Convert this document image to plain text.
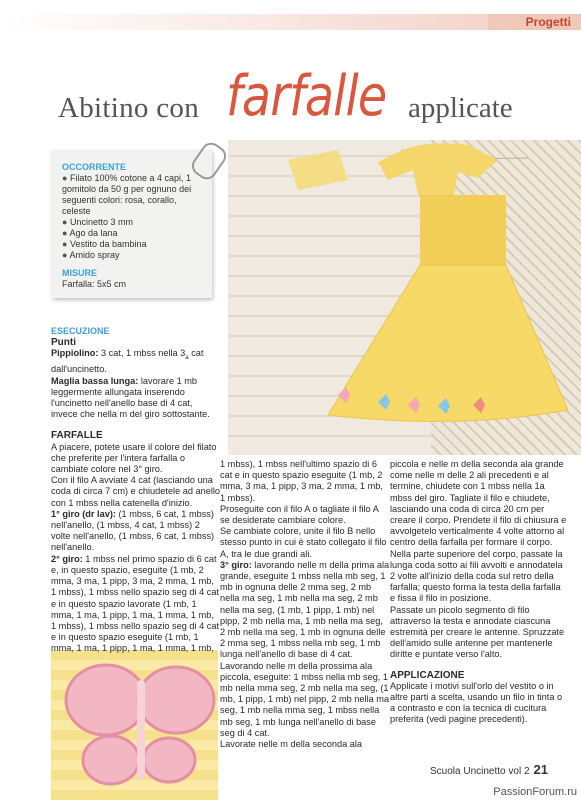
Progetti
Abitino con farfalle applicate
OCCORRENTE

● Filato 100% cotone a 4 capi, 1 gomitolo da 50 g per ognuno dei seguenti colori: rosa, corallo, celeste

● Uncinetto 3 mm

● Ago da lana

● Vestito da bambina

● Amido spray

MISURE

Farfalla: 5x5 cm

ESECUZIONE

Punti

Pippiolino: 3 cat, 1 mbss nella $3_a$ cat dall'uncinetto.

Maglia bassa lunga: lavorare 1 mb leggermente allungata inserendo l'uncinetto nell'anello base di 4 cat, invece che nella m del giro sottostante.

FARFALLE

A piacere, potete usare il colore del filato che preferite per l'intera farfalla o cambiate colore nel 3° giro.

Con il filo A avviate 4 cat (lasciando una coda di circa 7 cm) e chiudetele ad anello con 1 mbss nella catenella d'inizio.

1° giro (dr lav): (1 mbss, 6 cat, 1 mbss) nell'anello, (1 mbss, 4 cat, 1 mbss) 2 volte nell'anello, (1 mbss, 6 cat, 1 mbss) nell'anello.

2° giro: 1 mbss nel primo spazio di 6 cat e, in questo spazio, eseguite (1 mb, 2 mma, 3 ma, 1 pipp, 3 ma, 2 mma, 1 mb, 1 mbss), 1 mbss nello spazio seg di 4 cat e in questo spazio lavorate (1 mb, 1 mma, 1 ma, 1 pipp, 1 ma, 1 mma, 1 mb, 1 mbss), 1 mbss nello spazio seg di 4 cat e in questo spazio eseguite (1 mb, 1 mma, 1 ma, 1 pipp, 1 ma, 1 mma, 1 mb,

1 mbss), 1 mbss nell'ultimo spazio di 6 cat e in questo spazio eseguite (1 mb, 2 mma, 3 ma, 1 pipp, 3 ma, 2 mma, 1 mb, 1 mbss).

Proseguite con il filo A o tagliate il filo A se desiderate cambiare colore.

Se cambiate colore, unite il filo B nello stesso punto in cui è stato collegato il filo A, tra le due grandi ali.

3° giro: lavorando nelle m della prima ala grande, eseguite 1 mbss nella mb seg, 1 mb in ognuna delle 2 mma seg, 2 mb nella ma seg, 1 mb nella ma seg, 2 mb nella ma seg, (1 mb, 1 pipp, 1 mb) nel pipp, 2 mb nella ma, 1 mb nella ma seg, 2 mb nella ma seg, 1 mb in ognuna delle 2 mma seg, 1 mbss nella mb seg, 1 mb lunga nell'anello di base di 4 cat. Lavorando nelle m della prossima ala piccola, eseguite: 1 mbss nella mb seg, 1 mb nella mma seg, 2 mb nella ma seg, (1 mb, 1 pipp, 1 mb) nel pipp, 2 mb nella ma seg, 1 mb nella mma seg, 1 mbss nella mb seg, 1 mb lunga nell'anello di base seg di 4 cat.

Lavorate nelle m della seconda ala

piccola e nelle m della seconda ala grande come nelle m delle 2 ali precedenti e al termine, chiudete con 1 mbss nella 1a mbss del giro. Tagliate il filo e chiudete, lasciando una coda di circa 20 cm per creare il corpo. Prendete il filo di chiusura e avvolgetelo verticalmente 4 volte attorno al centro della farfalla per formare il corpo.

Nella parte superiore del corpo, passate la lunga coda sotto ai fili avvolti e annodatela 2 volte all'inizio della coda sul retro della farfalla; questo forma la testa della farfalla e fissa il filo in posizione.

Passate un picolo segmento di filo attraverso la testa e annodate ciascuna estremità per creare le antenne. Spruzzate dell'amido sulle antenne per mantenerle diritte e puntate verso l'alto.

APPLICAZIONE

Applicate i motivi sull'orlo del vestito o in altre parti a scelta, usando un filo in tinta o a contrasto e con la tecnica di cucitura preferita (vedi pagine precedenti).

Scuola Uncinetto vol 2 21
PassionForum.ru
